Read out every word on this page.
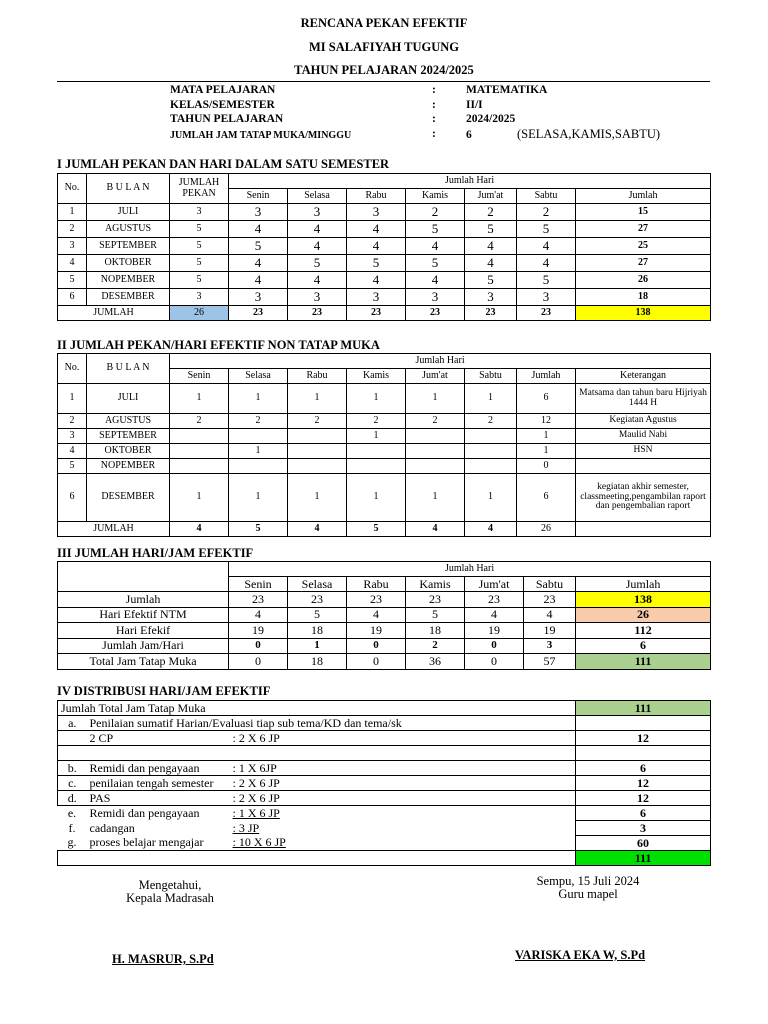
RENCANA PEKAN EFEKTIF
MI SALAFIYAH TUGUNG
TAHUN PELAJARAN 2024/2025
MATA PELAJARAN	:	MATEMATIKA
KELAS/SEMESTER	:	II/I
TAHUN PELAJARAN	:	2024/2025
JUMLAH JAM TATAP MUKA/MINGGU	:	6	(SELASA,KAMIS,SABTU)
I JUMLAH PEKAN DAN HARI DALAM SATU SEMESTER
No.	B U L A N	JUMLAH PEKAN	Jumlah Hari						
			Senin	Selasa	Rabu	Kamis	Jum'at	Sabtu	Jumlah
1	JULI	3	3	3	3	2	2	2	15
2	AGUSTUS	5	4	4	4	5	5	5	27
3	SEPTEMBER	5	5	4	4	4	4	4	25
4	OKTOBER	5	4	5	5	5	4	4	27
5	NOPEMBER	5	4	4	4	4	5	5	26
6	DESEMBER	3	3	3	3	3	3	3	18
JUMLAH		26	23	23	23	23	23	23	138
II JUMLAH PEKAN/HARI EFEKTIF NON TATAP MUKA
No.	B U L A N	Jumlah Hari							
		Senin	Selasa	Rabu	Kamis	Jum'at	Sabtu	Jumlah	Keterangan
1	JULI	1	1	1	1	1	1	6	Matsama dan tahun baru Hijriyah 1444 H
2	AGUSTUS	2	2	2	2	2	2	12	Kegiatan Agustus
3	SEPTEMBER				1			1	Maulid Nabi
4	OKTOBER		1					1	HSN
5	NOPEMBER							0	
6	DESEMBER	1	1	1	1	1	1	6	kegiatan akhir semester, classmeeting,pengambilan raport dan pengembalian raport
JUMLAH		4	5	4	5	4	4	26	
III JUMLAH HARI/JAM EFEKTIF
	Jumlah Hari						
	Senin	Selasa	Rabu	Kamis	Jum'at	Sabtu	Jumlah
Jumlah	23	23	23	23	23	23	138
Hari Efektif NTM	4	5	4	5	4	4	26
Hari Efekif	19	18	19	18	19	19	112
Jumlah Jam/Hari	0	1	0	2	0	3	6
Total Jam Tatap Muka	0	18	0	36	0	57	111
IV DISTRIBUSI HARI/JAM EFEKTIF
Jumlah Total Jam Tatap Muka			111
a.	Penilaian sumatif Harian/Evaluasi tiap sub tema/KD dan tema/sk		
	2 CP	: 2 X 6 JP	12

b.	Remidi dan pengayaan	: 1 X 6JP	6
c.	penilaian tengah semester	: 2 X 6 JP	12
d.	PAS	: 2 X 6 JP	12
e.	Remidi dan pengayaan	: 1 X 6 JP	6
f.	cadangan	: 3 JP	3
g.	proses belajar mengajar	: 10 X 6 JP	60
			111
Mengetahui,
Kepala Madrasah
H. MASRUR, S.Pd
Sempu, 15 Juli 2024
Guru mapel
VARISKA EKA W, S.Pd
